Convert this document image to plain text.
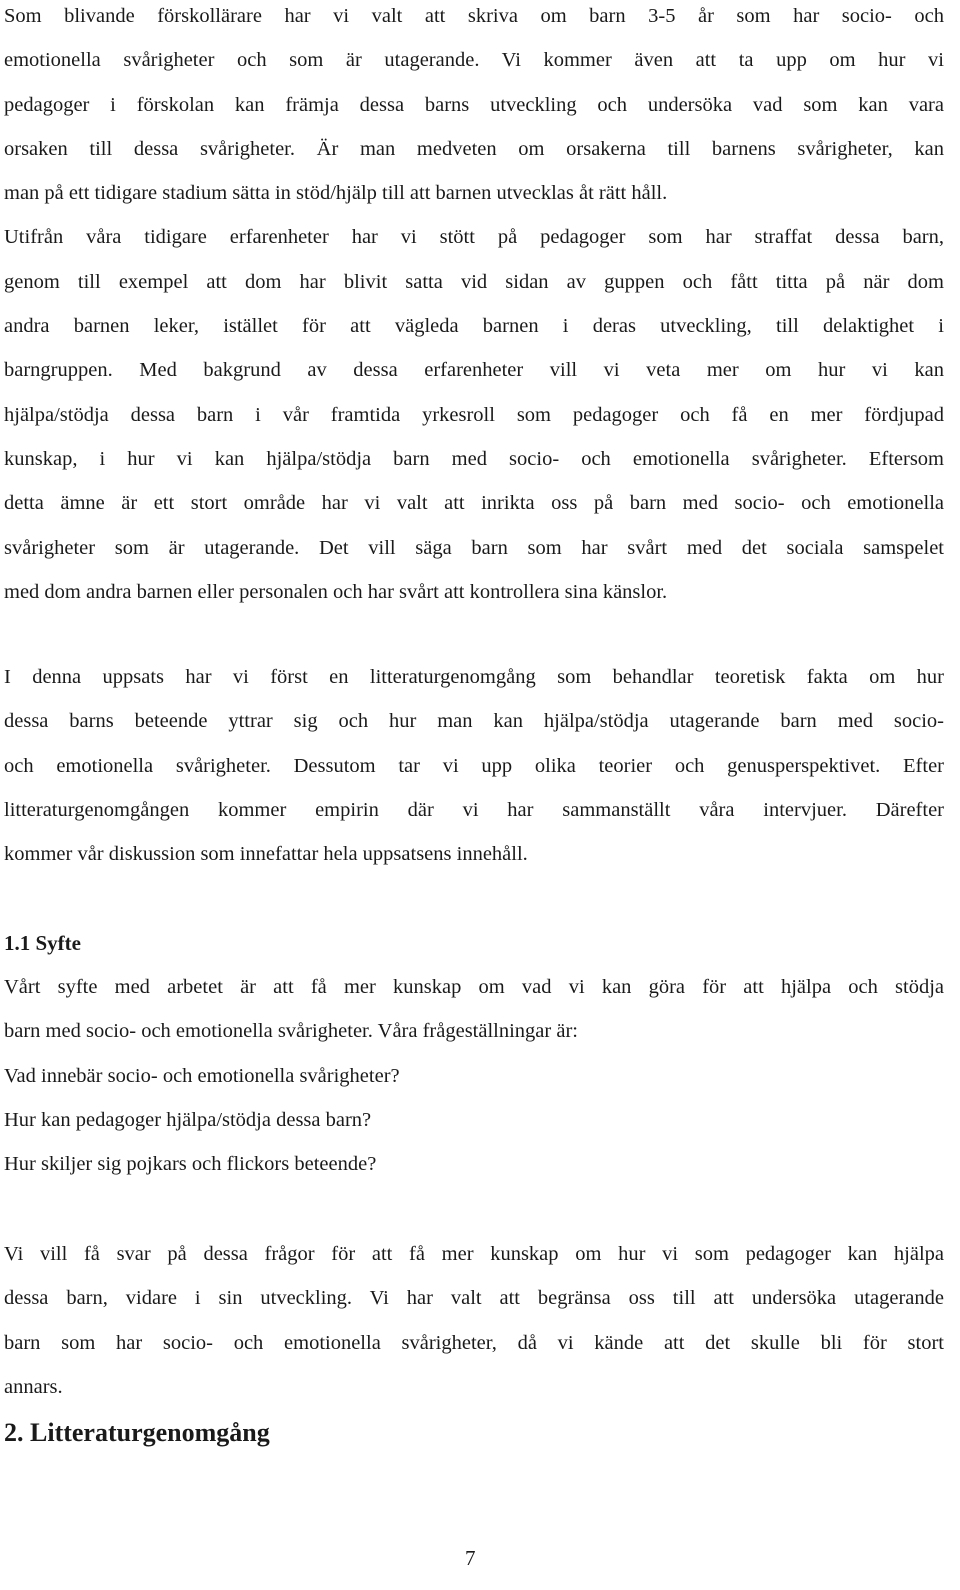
Som blivande förskollärare har vi valt att skriva om barn 3-5 år som har socio- och
emotionella svårigheter och som är utagerande. Vi kommer även att ta upp om hur vi
pedagoger i förskolan kan främja dessa barns utveckling och undersöka vad som kan vara
orsaken till dessa svårigheter. Är man medveten om orsakerna till barnens svårigheter, kan
man på ett tidigare stadium sätta in stöd/hjälp till att barnen utvecklas åt rätt håll.
Utifrån våra tidigare erfarenheter har vi stött på pedagoger som har straffat dessa barn,
genom till exempel att dom har blivit satta vid sidan av guppen och fått titta på när dom
andra barnen leker, istället för att vägleda barnen i deras utveckling, till delaktighet i
barngruppen. Med bakgrund av dessa erfarenheter vill vi veta mer om hur vi kan
hjälpa/stödja dessa barn i vår framtida yrkesroll som pedagoger och få en mer fördjupad
kunskap, i hur vi kan hjälpa/stödja barn med socio- och emotionella svårigheter. Eftersom
detta ämne är ett stort område har vi valt att inrikta oss på barn med socio- och emotionella
svårigheter som är utagerande. Det vill säga barn som har svårt med det sociala samspelet
med dom andra barnen eller personalen och har svårt att kontrollera sina känslor.
I denna uppsats har vi först en litteraturgenomgång som behandlar teoretisk fakta om hur
dessa barns beteende yttrar sig och hur man kan hjälpa/stödja utagerande barn med socio-
och emotionella svårigheter. Dessutom tar vi upp olika teorier och genusperspektivet. Efter
litteraturgenomgången kommer empirin där vi har sammanställt våra intervjuer. Därefter
kommer vår diskussion som innefattar hela uppsatsens innehåll.
1.1 Syfte
Vårt syfte med arbetet är att få mer kunskap om vad vi kan göra för att hjälpa och stödja
barn med socio- och emotionella svårigheter. Våra frågeställningar är:
Vad innebär socio- och emotionella svårigheter?
Hur kan pedagoger hjälpa/stödja dessa barn?
Hur skiljer sig pojkars och flickors beteende?
Vi vill få svar på dessa frågor för att få mer kunskap om hur vi som pedagoger kan hjälpa
dessa barn, vidare i sin utveckling. Vi har valt att begränsa oss till att undersöka utagerande
barn som har socio- och emotionella svårigheter, då vi kände att det skulle bli för stort
annars.
2. Litteraturgenomgång

7
